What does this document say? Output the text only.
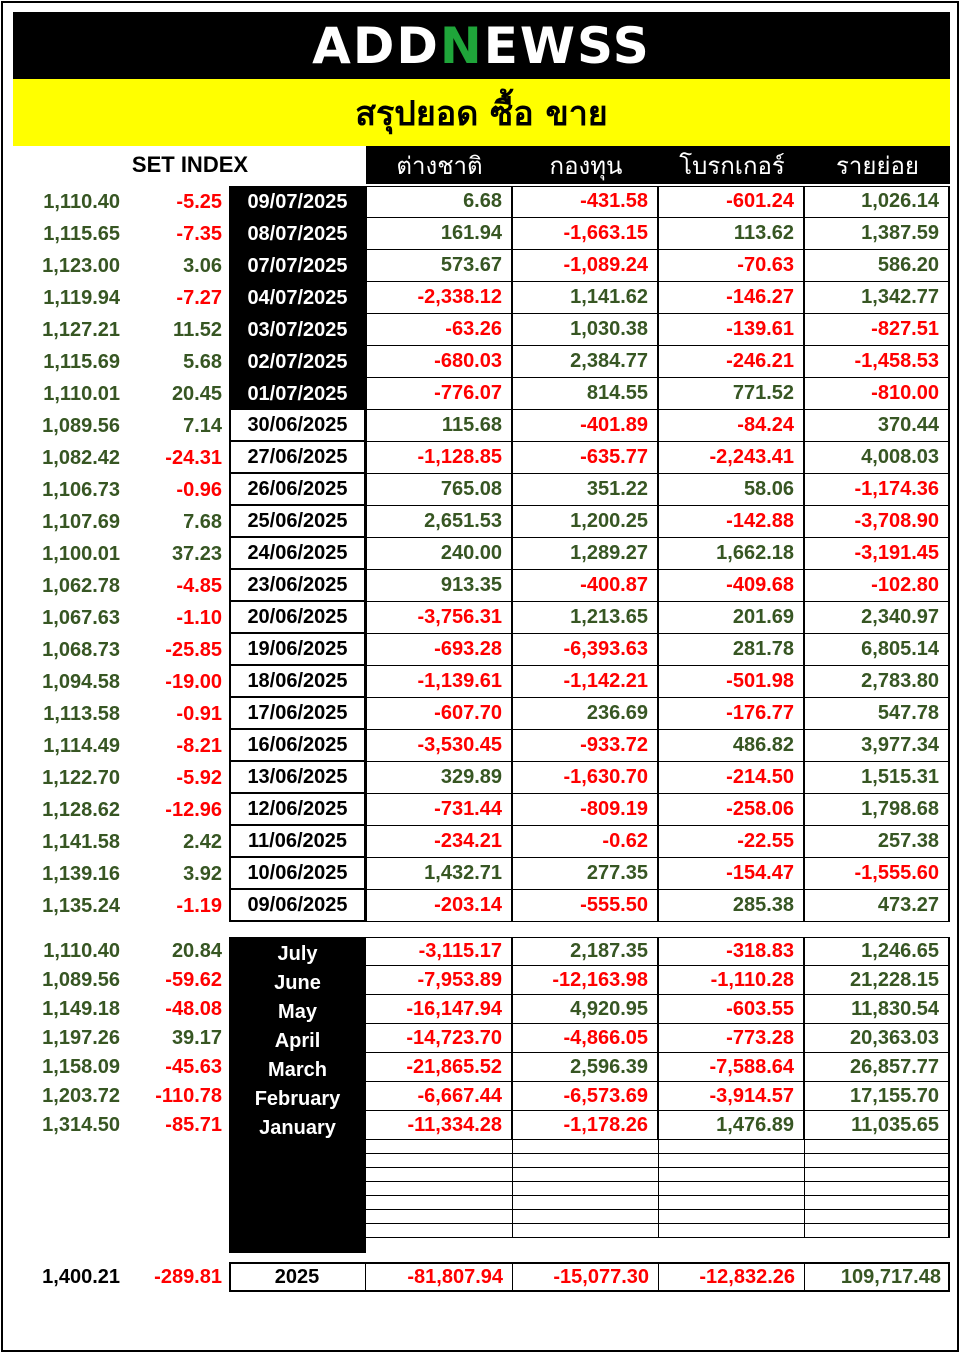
ADDNEWSS
สรุปยอด ซื้อ ขาย
SET INDEX	ต่างชาติ	กองทุน	โบรกเกอร์	รายย่อย
1,110.40	-5.25	09/07/2025	6.68	-431.58	-601.24	1,026.14
1,115.65	-7.35	08/07/2025	161.94	-1,663.15	113.62	1,387.59
1,123.00	3.06	07/07/2025	573.67	-1,089.24	-70.63	586.20
1,119.94	-7.27	04/07/2025	-2,338.12	1,141.62	-146.27	1,342.77
1,127.21	11.52	03/07/2025	-63.26	1,030.38	-139.61	-827.51
1,115.69	5.68	02/07/2025	-680.03	2,384.77	-246.21	-1,458.53
1,110.01	20.45	01/07/2025	-776.07	814.55	771.52	-810.00
1,089.56	7.14	30/06/2025	115.68	-401.89	-84.24	370.44
1,082.42	-24.31	27/06/2025	-1,128.85	-635.77	-2,243.41	4,008.03
1,106.73	-0.96	26/06/2025	765.08	351.22	58.06	-1,174.36
1,107.69	7.68	25/06/2025	2,651.53	1,200.25	-142.88	-3,708.90
1,100.01	37.23	24/06/2025	240.00	1,289.27	1,662.18	-3,191.45
1,062.78	-4.85	23/06/2025	913.35	-400.87	-409.68	-102.80
1,067.63	-1.10	20/06/2025	-3,756.31	1,213.65	201.69	2,340.97
1,068.73	-25.85	19/06/2025	-693.28	-6,393.63	281.78	6,805.14
1,094.58	-19.00	18/06/2025	-1,139.61	-1,142.21	-501.98	2,783.80
1,113.58	-0.91	17/06/2025	-607.70	236.69	-176.77	547.78
1,114.49	-8.21	16/06/2025	-3,530.45	-933.72	486.82	3,977.34
1,122.70	-5.92	13/06/2025	329.89	-1,630.70	-214.50	1,515.31
1,128.62	-12.96	12/06/2025	-731.44	-809.19	-258.06	1,798.68
1,141.58	2.42	11/06/2025	-234.21	-0.62	-22.55	257.38
1,139.16	3.92	10/06/2025	1,432.71	277.35	-154.47	-1,555.60
1,135.24	-1.19	09/06/2025	-203.14	-555.50	285.38	473.27
1,110.40	20.84	July	-3,115.17	2,187.35	-318.83	1,246.65
1,089.56	-59.62	June	-7,953.89	-12,163.98	-1,110.28	21,228.15
1,149.18	-48.08	May	-16,147.94	4,920.95	-603.55	11,830.54
1,197.26	39.17	April	-14,723.70	-4,866.05	-773.28	20,363.03
1,158.09	-45.63	March	-21,865.52	2,596.39	-7,588.64	26,857.77
1,203.72	-110.78	February	-6,667.44	-6,573.69	-3,914.57	17,155.70
1,314.50	-85.71	January	-11,334.28	-1,178.26	1,476.89	11,035.65
1,400.21	-289.81	2025	-81,807.94	-15,077.30	-12,832.26	109,717.48
